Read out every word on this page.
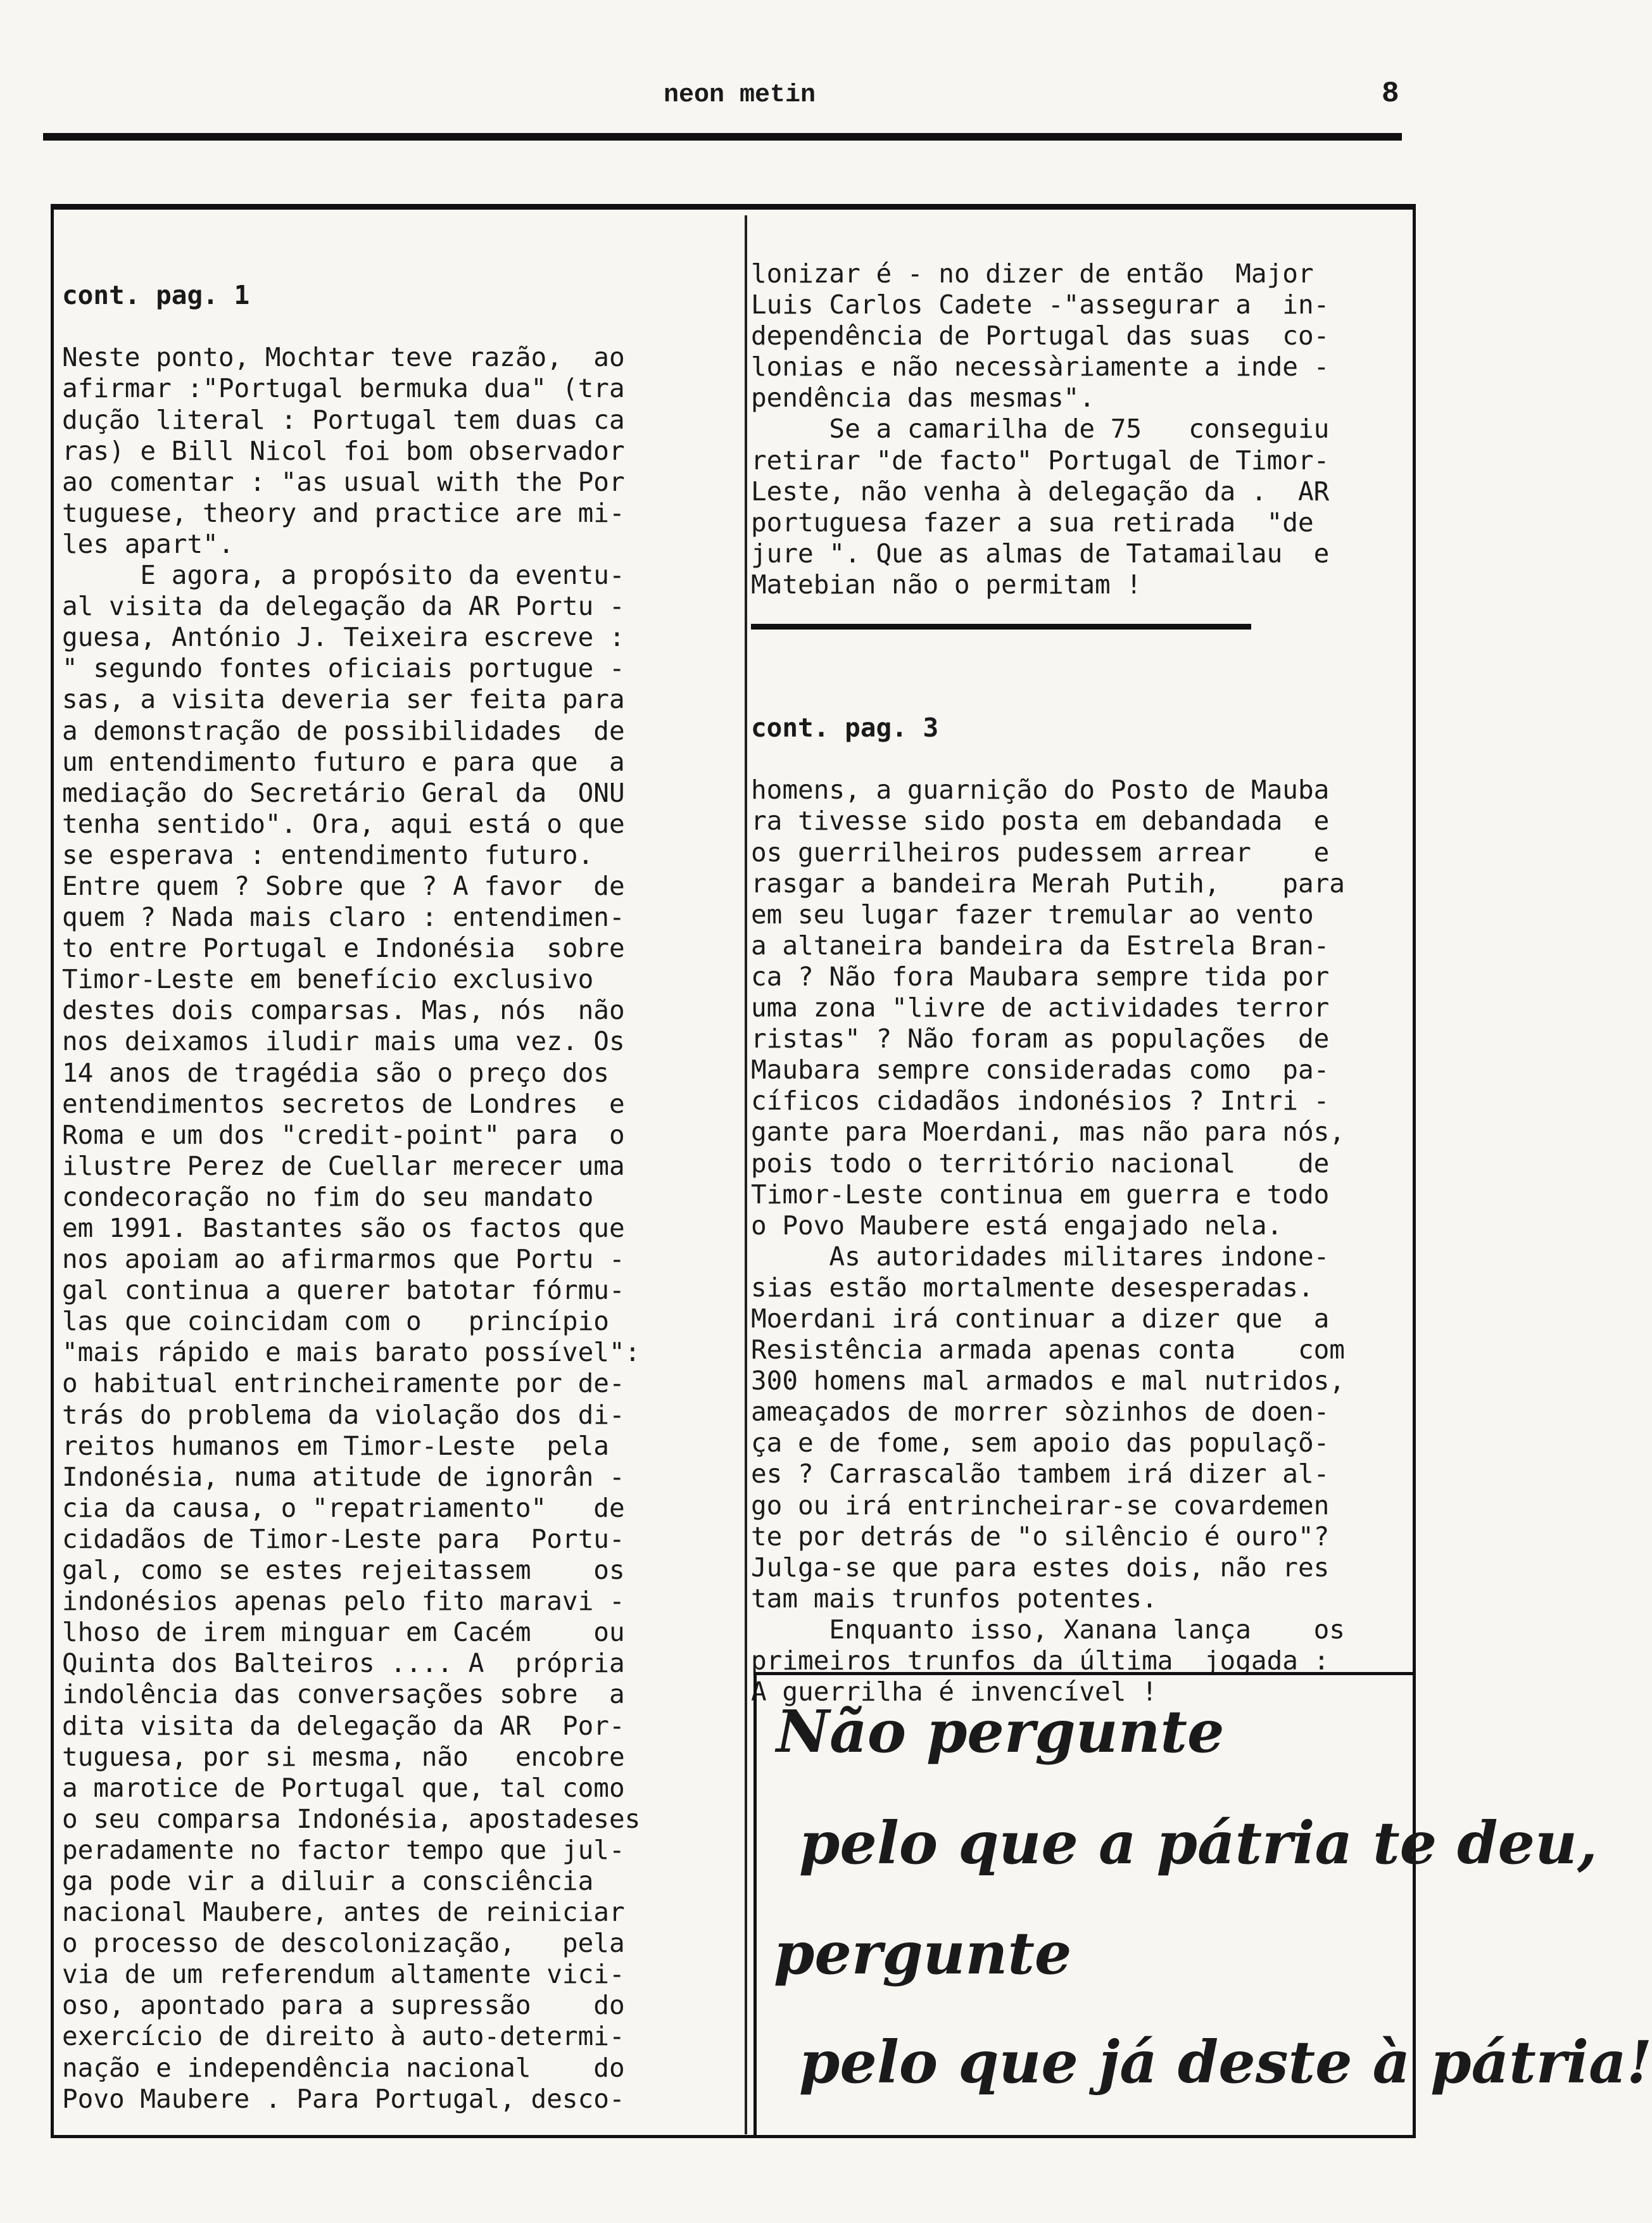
neon metin	8

cont. pag. 1

Neste ponto, Mochtar teve razão,  ao
afirmar :"Portugal bermuka dua" (tra
dução literal : Portugal tem duas ca
ras) e Bill Nicol foi bom observador
ao comentar : "as usual with the Por
tuguese, theory and practice are mi-
les apart".
E agora, a propósito da eventu-
al visita da delegação da AR Portu -
guesa, António J. Teixeira escreve :
" segundo fontes oficiais portugue -
sas, a visita deveria ser feita para
a demonstração de possibilidades  de
um entendimento futuro e para que  a
mediação do Secretário Geral da  ONU
tenha sentido". Ora, aqui está o que
se esperava : entendimento futuro.
Entre quem ? Sobre que ? A favor  de
quem ? Nada mais claro : entendimen-
to entre Portugal e Indonésia  sobre
Timor-Leste em benefício exclusivo
destes dois comparsas. Mas, nós  não
nos deixamos iludir mais uma vez. Os
14 anos de tragédia são o preço dos
entendimentos secretos de Londres  e
Roma e um dos "credit-point" para  o
ilustre Perez de Cuellar merecer uma
condecoração no fim do seu mandato
em 1991. Bastantes são os factos que
nos apoiam ao afirmarmos que Portu -
gal continua a querer batotar fórmu-
las que coincidam com o   princípio
"mais rápido e mais barato possível":
o habitual entrincheiramente por de-
trás do problema da violação dos di-
reitos humanos em Timor-Leste  pela
Indonésia, numa atitude de ignorân -
cia da causa, o "repatriamento"   de
cidadãos de Timor-Leste para  Portu-
gal, como se estes rejeitassem    os
indonésios apenas pelo fito maravi -
lhoso de irem minguar em Cacém    ou
Quinta dos Balteiros .... A  própria
indolência das conversações sobre  a
dita visita da delegação da AR  Por-
tuguesa, por si mesma, não   encobre
a marotice de Portugal que, tal como
o seu comparsa Indonésia, apostadeses
peradamente no factor tempo que jul-
ga pode vir a diluir a consciência
nacional Maubere, antes de reiniciar
o processo de descolonização,   pela
via de um referendum altamente vici-
oso, apontado para a supressão    do
exercício de direito à auto-determi-
nação e independência nacional    do
Povo Maubere . Para Portugal, desco-
lonizar é - no dizer de então  Major
Luis Carlos Cadete -"assegurar a  in-
dependência de Portugal das suas  co-
lonias e não necessàriamente a inde -
pendência das mesmas".
Se a camarilha de 75   conseguiu
retirar "de facto" Portugal de Timor-
Leste, não venha à delegação da .  AR
portuguesa fazer a sua retirada  "de
jure ". Que as almas de Tatamailau  e
Matebian não o permitam !

cont. pag. 3

homens, a guarnição do Posto de Mauba
ra tivesse sido posta em debandada  e
os guerrilheiros pudessem arrear    e
rasgar a bandeira Merah Putih,    para
em seu lugar fazer tremular ao vento
a altaneira bandeira da Estrela Bran-
ca ? Não fora Maubara sempre tida por
uma zona "livre de actividades terror
ristas" ? Não foram as populações  de
Maubara sempre consideradas como  pa-
cíficos cidadãos indonésios ? Intri -
gante para Moerdani, mas não para nós,
pois todo o território nacional    de
Timor-Leste continua em guerra e todo
o Povo Maubere está engajado nela.
As autoridades militares indone-
sias estão mortalmente desesperadas.
Moerdani irá continuar a dizer que  a
Resistência armada apenas conta    com
300 homens mal armados e mal nutridos,
ameaçados de morrer sòzinhos de doen-
ça e de fome, sem apoio das populaçõ-
es ? Carrascalão tambem irá dizer al-
go ou irá entrincheirar-se covardemen
te por detrás de "o silêncio é ouro"?
Julga-se que para estes dois, não res
tam mais trunfos potentes.
Enquanto isso, Xanana lança    os
primeiros trunfos da última  jogada :
A guerrilha é invencível !
Não pergunte
pelo que a pátria te deu,
pergunte
pelo que já deste à pátria!
